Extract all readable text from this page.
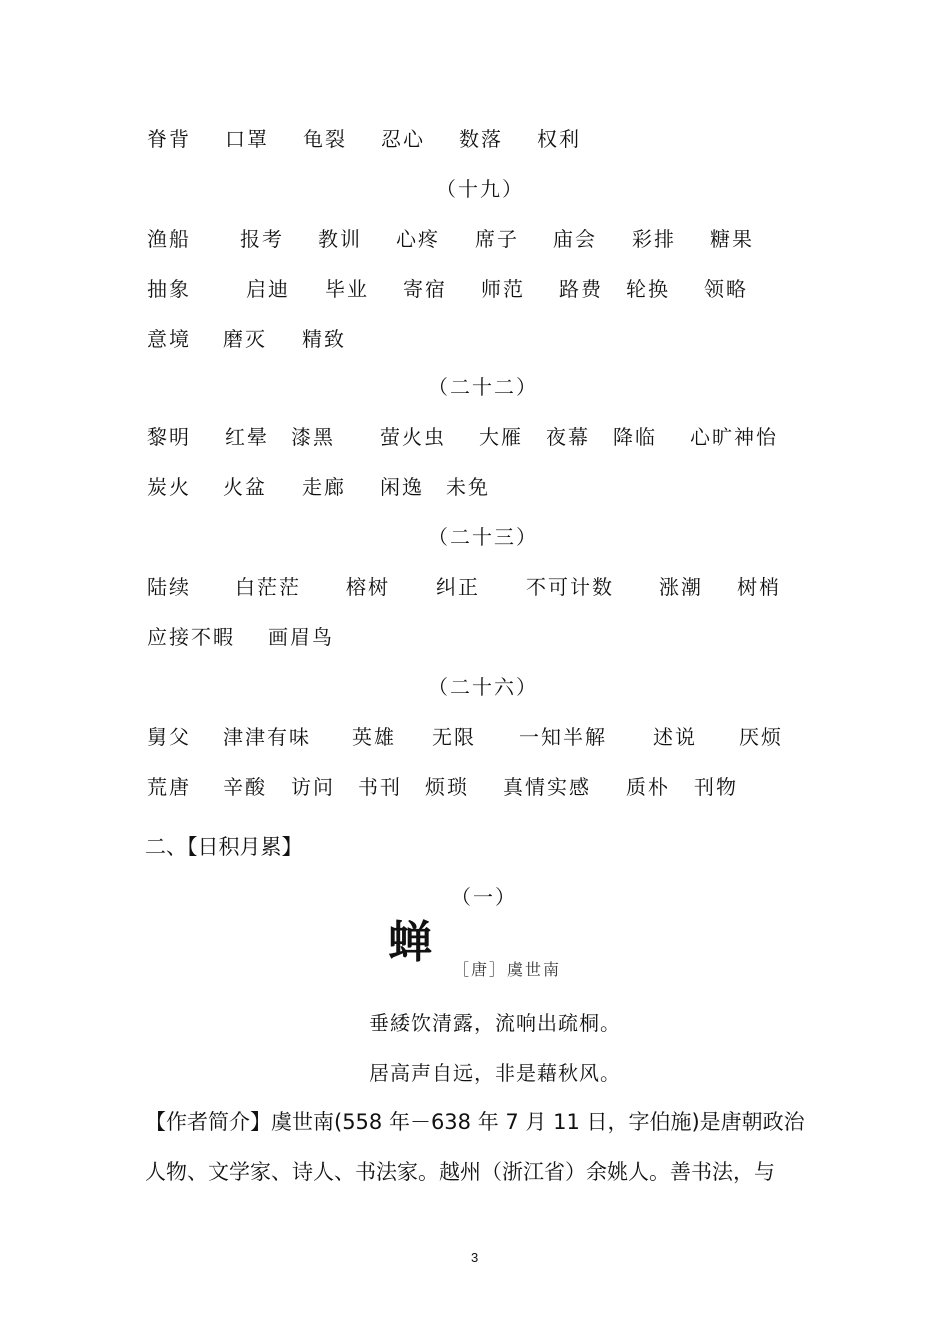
脊背 口罩 龟裂 忍心 数落 权利
（十九）
渔船 报考 教训 心疼 席子 庙会 彩排 糖果
抽象	启迪 毕业 寄宿 师范 路费 轮换 领略
意境 磨灭 精致
（二十二）
黎明 红晕 漆黑 萤火虫 大雁 夜幕 降临 心旷神怡
炭火 火盆 走廊 闲逸 未免
（二十三）
陆续 白茫茫 榕树 纠正 不可计数 涨潮 树梢
应接不暇 画眉鸟
（二十六）
舅父 津津有味 英雄 无限 一知半解 述说 厌烦
荒唐 辛酸 访问 书刊 烦琐 真情实感 质朴 刊物
二、【日积月累】
（一）
蝉
［唐］虞世南
垂緌饮清露，流响出疏桐。
居高声自远，非是藉秋风。
【作者简介】虞世南(558 年－638 年 7 月 11 日，字伯施)是唐朝政治
人物、文学家、诗人、书法家。越州（浙江省）余姚人。善书法，与
3
